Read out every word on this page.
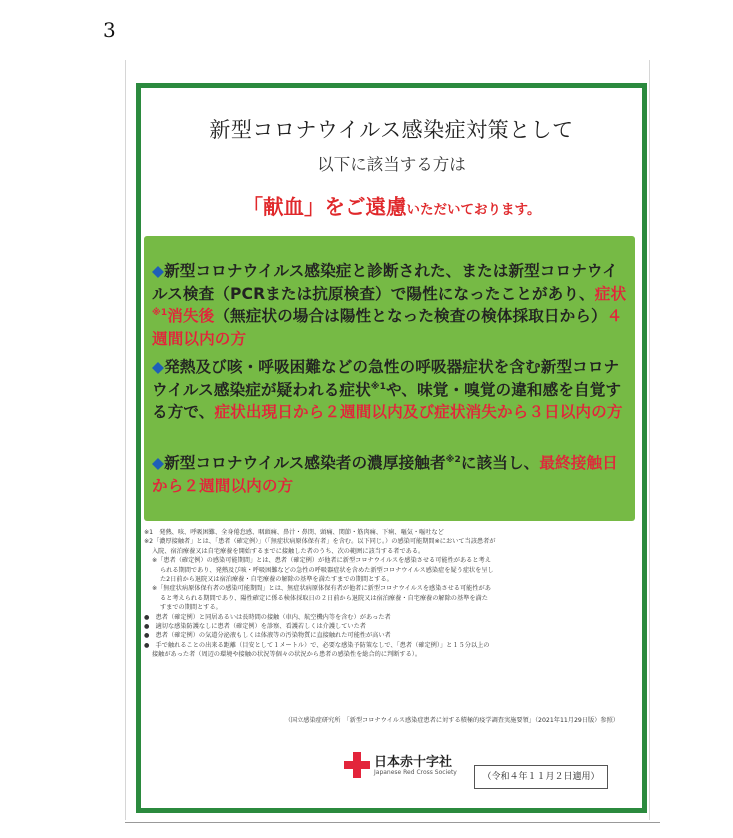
3
新型コロナウイルス感染症対策として
以下に該当する方は
「献血」をご遠慮いただいております。
◆新型コロナウイルス感染症と診断された、または新型コロナウイルス検査（PCRまたは抗原検査）で陽性になったことがあり、症状$^{※1}$消失後（無症状の場合は陽性となった検査の検体採取日から）４週間以内の方
◆発熱及び咳・呼吸困難などの急性の呼吸器症状を含む新型コロナウイルス感染症が疑われる症状$^{※1}$や、味覚・嗅覚の違和感を自覚する方で、症状出現日から２週間以内及び症状消失から３日以内の方
◆新型コロナウイルス感染者の濃厚接触者$^{※2}$に該当し、最終接触日から２週間以内の方
※1　発熱、咳、呼吸困難、全身倦怠感、咽頭痛、鼻汁・鼻閉、頭痛、関節・筋肉痛、下痢、嘔気・嘔吐など
※2「濃厚接触者」とは、「患者（確定例）」（「無症状病原体保有者」を含む。以下同じ。）の感染可能期間※において当該患者が
入院、宿泊療養又は自宅療養を開始するまでに接触した者のうち、次の範囲に該当する者である。
※「患者（確定例）の感染可能期間」とは、患者（確定例）が他者に新型コロナウイルスを感染させる可能性があると考え
られる期間であり、発熱及び咳・呼吸困難などの急性の呼吸器症状を含めた新型コロナウイルス感染症を疑う症状を呈し
た2日前から退院又は宿泊療養・自宅療養の解除の基準を満たすまでの期間とする。
※「無症状病原体保有者の感染可能期間」とは、無症状病原体保有者が他者に新型コロナウイルスを感染させる可能性があ
ると考えられる期間であり、陽性確定に係る検体採取日の２日前から退院又は宿泊療養・自宅療養の解除の基準を満た
すまでの期間とする。
●　患者（確定例）と同居あるいは長時間の接触（車内、航空機内等を含む）があった者
●　適切な感染防護なしに患者（確定例）を診察、看護若しくは介護していた者
●　患者（確定例）の気道分泌液もしくは体液等の汚染物質に直接触れた可能性が高い者
●　手で触れることの出来る距離（目安として１メートル）で、必要な感染予防策なしで、「患者（確定例）」と１５分以上の
接触があった者（周辺の環境や接触の状況等個々の状況から患者の感染性を総合的に判断する）。
（国立感染症研究所　「新型コロナウイルス感染症患者に対する積極的疫学調査実施要領」（2021年11月29日版）参照）
日本赤十字社
Japanese Red Cross Society	（令和４年１１月２日適用）
